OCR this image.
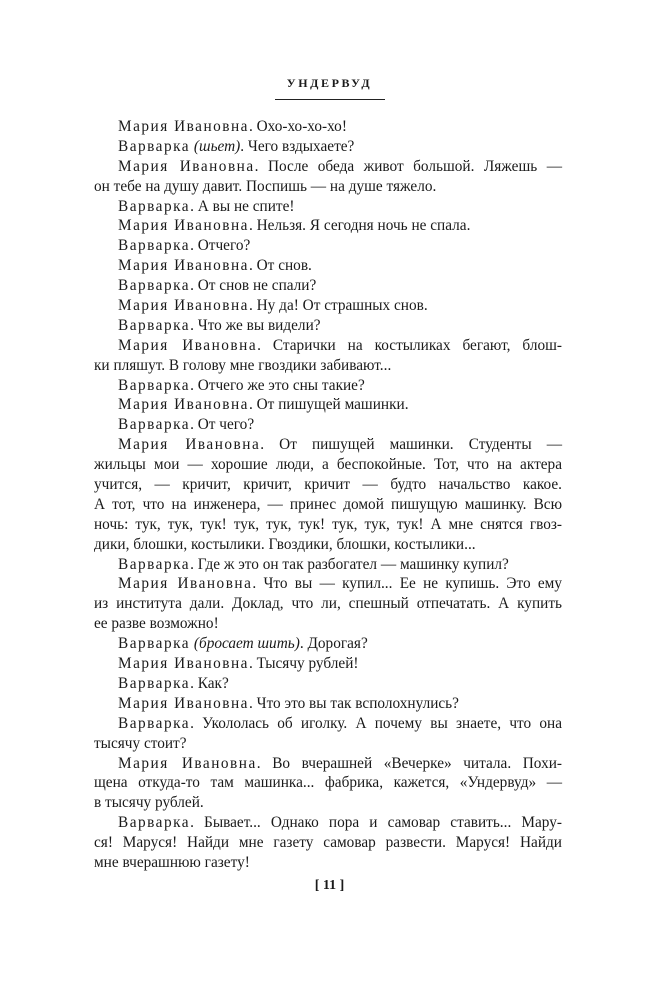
УНДЕРВУД
Мария Ивановна. Охо-хо-хо-хо!
Варварка (шьет). Чего вздыхаете?
Мария Ивановна. После обеда живот большой. Ляжешь —
он тебе на душу давит. Поспишь — на душе тяжело.
Варварка. А вы не спите!
Мария Ивановна. Нельзя. Я сегодня ночь не спала.
Варварка. Отчего?
Мария Ивановна. От снов.
Варварка. От снов не спали?
Мария Ивановна. Ну да! От страшных снов.
Варварка. Что же вы видели?
Мария Ивановна. Старички на костыликах бегают, блош-
ки пляшут. В голову мне гвоздики забивают...
Варварка. Отчего же это сны такие?
Мария Ивановна. От пишущей машинки.
Варварка. От чего?
Мария Ивановна. От пишущей машинки. Студенты —
жильцы мои — хорошие люди, а беспокойные. Тот, что на актера
учится, — кричит, кричит, кричит — будто начальство какое.
А тот, что на инженера, — принес домой пишущую машинку. Всю
ночь: тук, тук, тук! тук, тук, тук! тук, тук, тук! А мне снятся гвоз-
дики, блошки, костылики. Гвоздики, блошки, костылики...
Варварка. Где ж это он так разбогател — машинку купил?
Мария Ивановна. Что вы — купил... Ее не купишь. Это ему
из института дали. Доклад, что ли, спешный отпечатать. А купить
ее разве возможно!
Варварка (бросает шить). Дорогая?
Мария Ивановна. Тысячу рублей!
Варварка. Как?
Мария Ивановна. Что это вы так всполохнулись?
Варварка. Укололась об иголку. А почему вы знаете, что она
тысячу стоит?
Мария Ивановна. Во вчерашней «Вечерке» читала. Похи-
щена откуда-то там машинка... фабрика, кажется, «Ундервуд» —
в тысячу рублей.
Варварка. Бывает... Однако пора и самовар ставить... Мару-
ся! Маруся! Найди мне газету самовар развести. Маруся! Найди
мне вчерашнюю газету!
[ 11 ]
